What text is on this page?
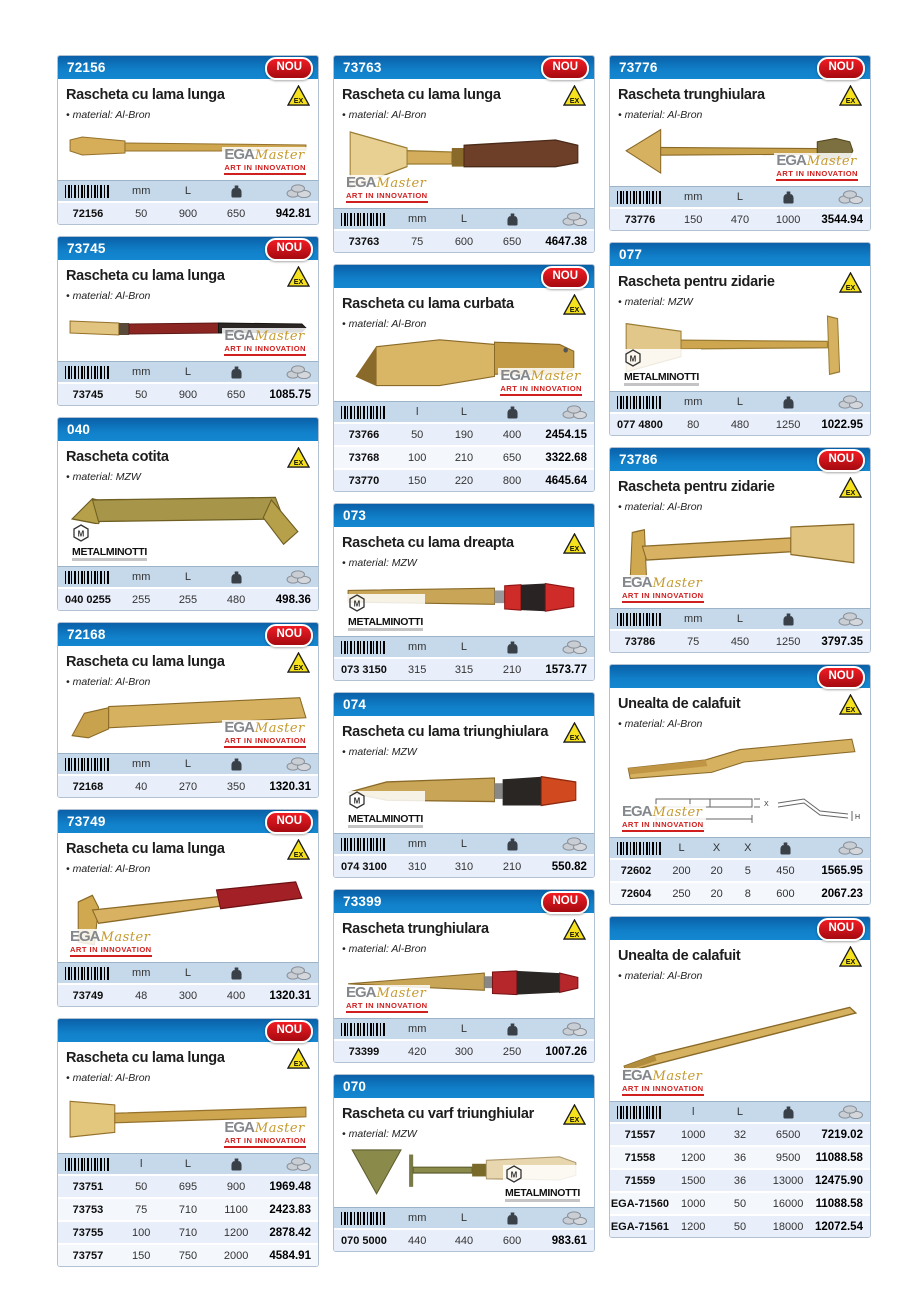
72156	NOU
Rascheta cu lama lunga	EX
• material: Al-Bron
EGA Master
ART IN INNOVATION
mm	L
72156	50	900	650	942.81
73745	NOU
Rascheta cu lama lunga	EX
• material: Al-Bron
EGA Master
ART IN INNOVATION
mm	L
73745	50	900	650	1085.75
040
Rascheta cotita	EX
• material: MZW
M
METALMINOTTI
mm	L
040 0255	255	255	480	498.36
72168	NOU
Rascheta cu lama lunga	EX
• material: Al-Bron
EGA Master
ART IN INNOVATION
mm	L
72168	40	270	350	1320.31
73749	NOU
Rascheta cu lama lunga	EX
• material: Al-Bron
EGA Master
ART IN INNOVATION
mm	L
73749	48	300	400	1320.31
NOU
Rascheta cu lama lunga	EX
• material: Al-Bron
EGA Master
ART IN INNOVATION
l	L
73751	50	695	900	1969.48
73753	75	710	1100	2423.83
73755	100	710	1200	2878.42
73757	150	750	2000	4584.91
73763	NOU
Rascheta cu lama lunga	EX
• material: Al-Bron
EGA Master
ART IN INNOVATION
mm	L
73763	75	600	650	4647.38
NOU
Rascheta cu lama curbata	EX
• material: Al-Bron
EGA Master
ART IN INNOVATION
l	L
73766	50	190	400	2454.15
73768	100	210	650	3322.68
73770	150	220	800	4645.64
073
Rascheta cu lama dreapta	EX
• material: MZW
M
METALMINOTTI
mm	L
073 3150	315	315	210	1573.77
074
Rascheta cu lama triunghiulara	EX
• material: MZW
M
METALMINOTTI
mm	L
074 3100	310	310	210	550.82
73399	NOU
Rascheta trunghiulara	EX
• material: Al-Bron
EGA Master
ART IN INNOVATION
mm	L
73399	420	300	250	1007.26
070
Rascheta cu varf triunghiular	EX
• material: MZW
M
METALMINOTTI
mm	L
070 5000	440	440	600	983.61
73776	NOU
Rascheta trunghiulara	EX
• material: Al-Bron
EGA Master
ART IN INNOVATION
mm	L
73776	150	470	1000	3544.94
077
Rascheta pentru zidarie	EX
• material: MZW
M
METALMINOTTI
mm	L
077 4800	80	480	1250	1022.95
73786	NOU
Rascheta pentru zidarie	EX
• material: Al-Bron
EGA Master
ART IN INNOVATION
mm	L
73786	75	450	1250	3797.35
NOU
Unealta de calafuit	EX
• material: Al-Bron
X
H
EGA Master
ART IN INNOVATION
L	X	X
72602	200	20	5	450	1565.95
72604	250	20	8	600	2067.23
NOU
Unealta de calafuit	EX
• material: Al-Bron
EGA Master
ART IN INNOVATION
l	L
71557	1000	32	6500	7219.02
71558	1200	36	9500	11088.58
71559	1500	36	13000	12475.90
EGA-71560	1000	50	16000	11088.58
EGA-71561	1200	50	18000	12072.54
